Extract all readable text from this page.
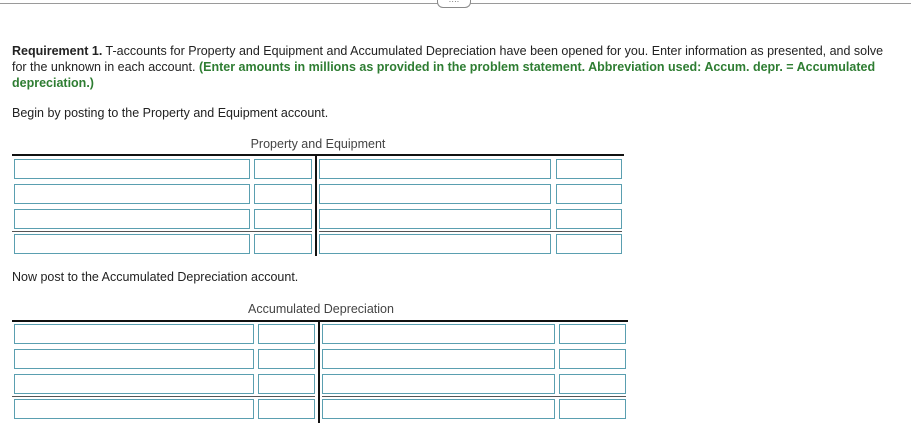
····
Requirement 1. T-accounts for Property and Equipment and Accumulated Depreciation have been opened for you. Enter information as presented, and solve for the unknown in each account. (Enter amounts in millions as provided in the problem statement. Abbreviation used: Accum. depr. = Accumulated depreciation.)
Begin by posting to the Property and Equipment account.
Property and Equipment
Now post to the Accumulated Depreciation account.
Accumulated Depreciation
